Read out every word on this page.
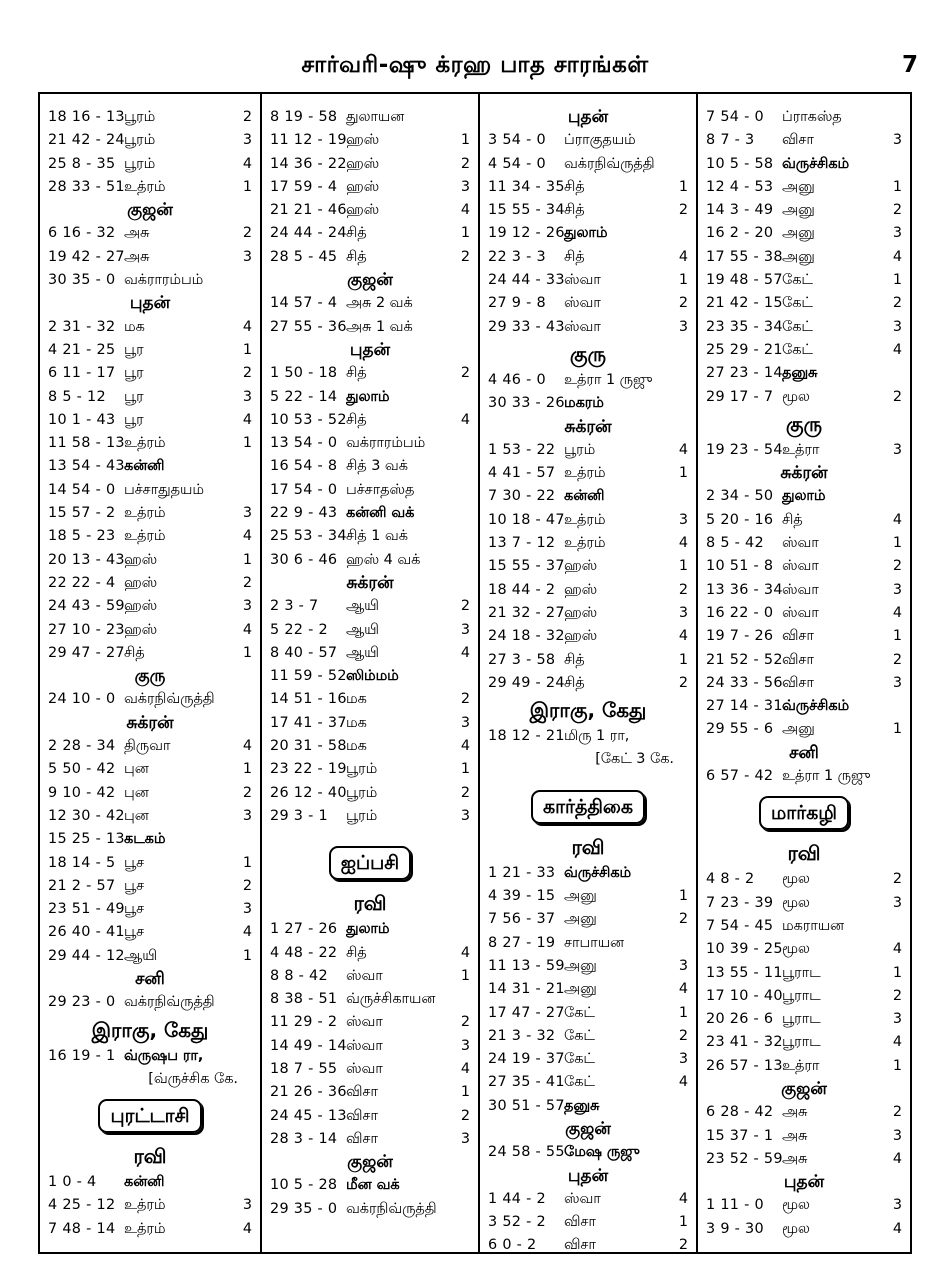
சார்வரி-ஷு க்ரஹ பாத சாரங்கள்	7
18 16 - 13 பூரம்	2
21 42 - 24 பூரம்	3
25 8 - 35 பூரம்	4
28 33 - 51 உத்ரம்	1
குஜன்
6 16 - 32 அசு	2
19 42 - 27 அசு	3
30 35 - 0 வக்ராரம்பம்
புதன்
2 31 - 32 மக	4
4 21 - 25 பூர	1
6 11 - 17 பூர	2
8 5 - 12	பூர	3
10 1 - 43 பூர	4
11 58 - 13 உத்ரம்	1
13 54 - 43 கன்னி
14 54 - 0 பச்சாதுதயம்
15 57 - 2 உத்ரம்	3
18 5 - 23 உத்ரம்	4
20 13 - 43 ஹஸ்	1
22 22 - 4 ஹஸ்	2
24 43 - 59 ஹஸ்	3
27 10 - 23 ஹஸ்	4
29 47 - 27 சித்	1
குரு
24 10 - 0 வக்ரநிவ்ருத்தி
சுக்ரன்
2 28 - 34 திருவா	4
5 50 - 42 புன	1
9 10 - 42 புன	2
12 30 - 42 புன	3
15 25 - 13 கடகம்
18 14 - 5 பூச	1
21 2 - 57 பூச	2
23 51 - 49 பூச	3
26 40 - 41 பூச	4
29 44 - 12 ஆயி	1
சனி
29 23 - 0 வக்ரநிவ்ருத்தி
இராகு, கேது
16 19 - 1 வ்ருஷப ரா,
[வ்ருச்சிக கே.
புரட்டாசி
ரவி
1 0 - 4	கன்னி
4 25 - 12 உத்ரம்	3
7 48 - 14 உத்ரம்	4
8 19 - 58 துலாயன
11 12 - 19 ஹஸ்	1
14 36 - 22 ஹஸ்	2
17 59 - 4 ஹஸ்	3
21 21 - 46 ஹஸ்	4
24 44 - 24 சித்	1
28 5 - 45 சித்	2
குஜன்
14 57 - 4 அசு 2 வக்
27 55 - 36 அசு 1 வக்
புதன்
1 50 - 18 சித்	2
5 22 - 14 துலாம்
10 53 - 52 சித்	4
13 54 - 0 வக்ராரம்பம்
16 54 - 8 சித் 3 வக்
17 54 - 0 பச்சாதஸ்த
22 9 - 43 கன்னி வக்
25 53 - 34 சித் 1 வக்
30 6 - 46 ஹஸ் 4 வக்
சுக்ரன்
2 3 - 7	ஆயி	2
5 22 - 2	ஆயி	3
8 40 - 57 ஆயி	4
11 59 - 52 ஸிம்மம்
14 51 - 16 மக	2
17 41 - 37 மக	3
20 31 - 58 மக	4
23 22 - 19 பூரம்	1
26 12 - 40 பூரம்	2
29 3 - 1	பூரம்	3
ஐப்பசி
ரவி
1 27 - 26 துலாம்
4 48 - 22 சித்	4
8 8 - 42	ஸ்வா	1
8 38 - 51 வ்ருச்சிகாயன
11 29 - 2 ஸ்வா	2
14 49 - 14 ஸ்வா	3
18 7 - 55 ஸ்வா	4
21 26 - 36 விசா	1
24 45 - 13 விசா	2
28 3 - 14 விசா	3
குஜன்
10 5 - 28 மீன வக்
29 35 - 0 வக்ரநிவ்ருத்தி
புதன்
3 54 - 0	ப்ராகுதயம்
4 54 - 0	வக்ரநிவ்ருத்தி
11 34 - 35 சித்	1
15 55 - 34 சித்	2
19 12 - 26 துலாம்
22 3 - 3	சித்	4
24 44 - 33 ஸ்வா	1
27 9 - 8	ஸ்வா	2
29 33 - 43 ஸ்வா	3
குரு
4 46 - 0	உத்ரா 1 ருஜு
30 33 - 26 மகரம்
சுக்ரன்
1 53 - 22 பூரம்	4
4 41 - 57 உத்ரம்	1
7 30 - 22 கன்னி
10 18 - 47 உத்ரம்	3
13 7 - 12 உத்ரம்	4
15 55 - 37 ஹஸ்	1
18 44 - 2 ஹஸ்	2
21 32 - 27 ஹஸ்	3
24 18 - 32 ஹஸ்	4
27 3 - 58 சித்	1
29 49 - 24 சித்	2
இராகு, கேது
18 12 - 21 மிரு 1 ரா,
[கேட் 3 கே.
கார்த்திகை
ரவி
1 21 - 33 வ்ருச்சிகம்
4 39 - 15 அனு	1
7 56 - 37 அனு	2
8 27 - 19 சாபாயன
11 13 - 59 அனு	3
14 31 - 21 அனு	4
17 47 - 27 கேட்	1
21 3 - 32 கேட்	2
24 19 - 37 கேட்	3
27 35 - 41 கேட்	4
30 51 - 57 தனுசு
குஜன்
24 58 - 55 மேஷ ருஜு
புதன்
1 44 - 2	ஸ்வா	4
3 52 - 2	விசா	1
6 0 - 2	விசா	2
7 54 - 0	ப்ராகஸ்த
8 7 - 3	விசா	3
10 5 - 58 வ்ருச்சிகம்
12 4 - 53 அனு	1
14 3 - 49 அனு	2
16 2 - 20 அனு	3
17 55 - 38 அனு	4
19 48 - 57 கேட்	1
21 42 - 15 கேட்	2
23 35 - 34 கேட்	3
25 29 - 21 கேட்	4
27 23 - 14 தனுசு
29 17 - 7 மூல	2
குரு
19 23 - 54 உத்ரா	3
சுக்ரன்
2 34 - 50 துலாம்
5 20 - 16 சித்	4
8 5 - 42	ஸ்வா	1
10 51 - 8 ஸ்வா	2
13 36 - 34 ஸ்வா	3
16 22 - 0 ஸ்வா	4
19 7 - 26 விசா	1
21 52 - 52 விசா	2
24 33 - 56 விசா	3
27 14 - 31 வ்ருச்சிகம்
29 55 - 6 அனு	1
சனி
6 57 - 42 உத்ரா 1 ருஜு
மார்கழி
ரவி
4 8 - 2	மூல	2
7 23 - 39 மூல	3
7 54 - 45 மகராயன
10 39 - 25 மூல	4
13 55 - 11 பூராட	1
17 10 - 40 பூராட	2
20 26 - 6 பூராட	3
23 41 - 32 பூராட	4
26 57 - 13 உத்ரா	1
குஜன்
6 28 - 42 அசு	2
15 37 - 1 அசு	3
23 52 - 59 அசு	4
புதன்
1 11 - 0	மூல	3
3 9 - 30	மூல	4
